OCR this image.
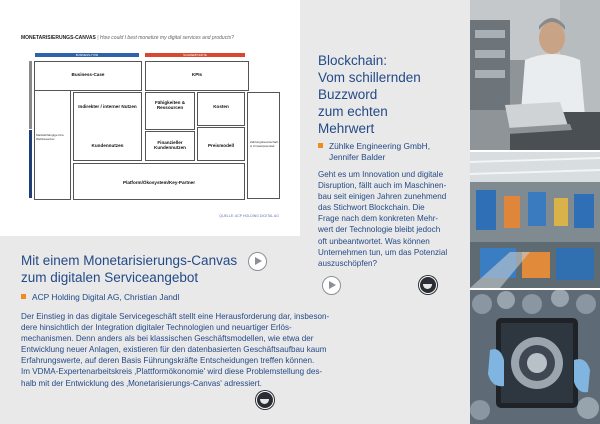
MONETARISIERUNGS-CANVAS | How could I best monetize my digital services and products?
BUSINESS-TYPE	SCHWERPUNKTE
Marktabhängige bzw. Wettbewerber
Zahlungsbereitschaft & Umsatzpotential
Business-Case	KPIs
Indirekter / interner Nutzen
Kundennutzen
Fähigkeiten & Ressourcen
Finanzieller Kundennutzen
Kosten
Preismodell
Platform/Ökosystem/Key-Partner
QUELLE: ACP HOLDING DIGITAL AG
Mit einem Monetarisierungs-Canvas zum digitalen Serviceangebot
ACP Holding Digital AG, Christian Jandl
Der Einstieg in das digitale Servicegeschäft stellt eine Herausforderung dar, insbeson-
dere hinsichtlich der Integration digitaler Technologien und neuartiger Erlös-
mechanismen. Denn anders als bei klassischen Geschäftsmodellen, wie etwa der
Entwicklung neuer Anlagen, existieren für den datenbasierten Geschäftsaufbau kaum
Erfahrungswerte, auf deren Basis Führungskräfte Entscheidungen treffen können.
Im VDMA-Expertenarbeitskreis ‚Plattformökonomie' wird diese Problemstellung des-
halb mit der Entwicklung des ‚Monetarisierungs-Canvas' adressiert.
Blockchain:
Vom schillernden
Buzzword
zum echten
Mehrwert
Zühlke Engineering GmbH,
Jennifer Balder
Geht es um Innovation und digitale
Disruption, fällt auch im Maschinen-
bau seit einigen Jahren zunehmend
das Stichwort Blockchain. Die
Frage nach dem konkreten Mehr-
wert der Technologie bleibt jedoch
oft unbeantwortet. Was können
Unternehmen tun, um das Potenzial
auszuschöpfen?
